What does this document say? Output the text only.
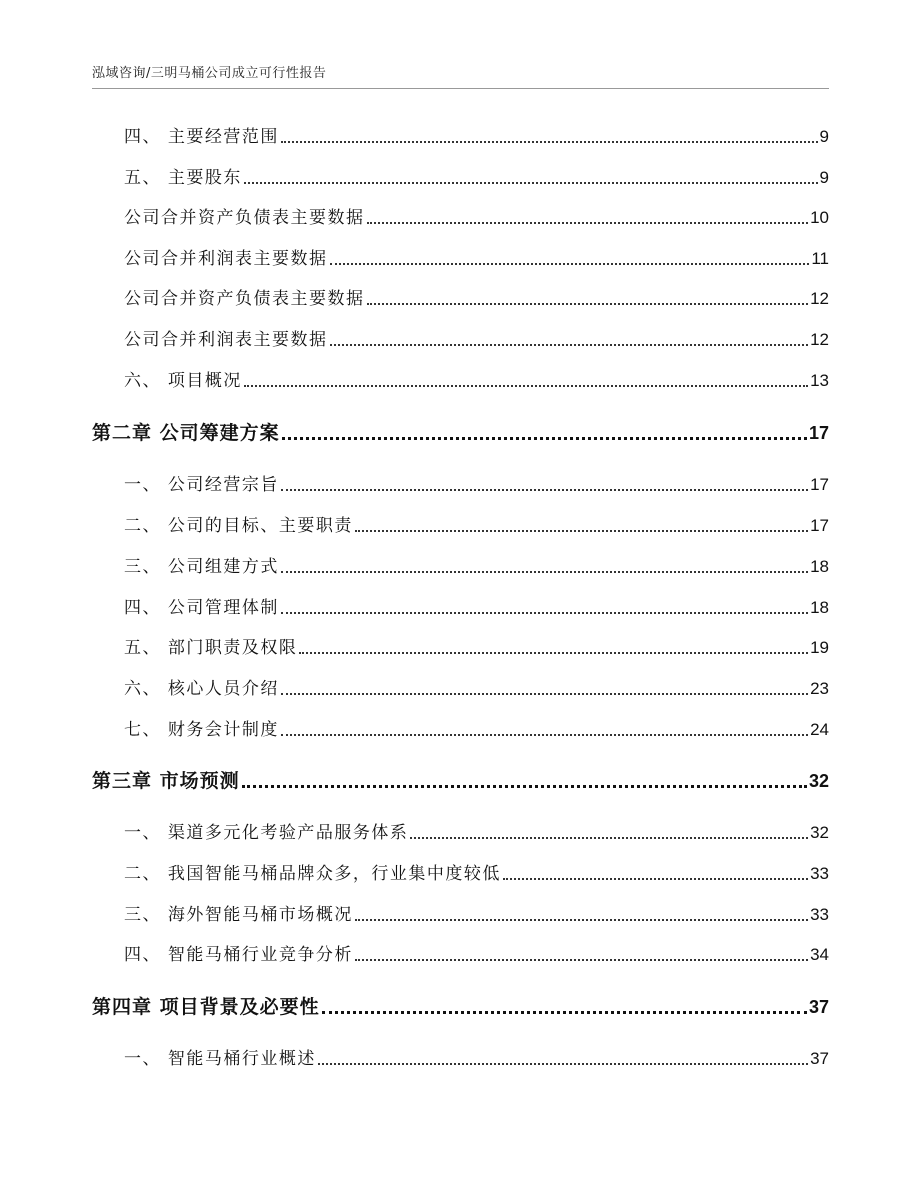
泓域咨询/三明马桶公司成立可行性报告
四、 主要经营范围	9
五、 主要股东	9
公司合并资产负债表主要数据	10
公司合并利润表主要数据	11
公司合并资产负债表主要数据	12
公司合并利润表主要数据	12
六、 项目概况	13
第二章 公司筹建方案	17
一、 公司经营宗旨	17
二、 公司的目标、主要职责	17
三、 公司组建方式	18
四、 公司管理体制	18
五、 部门职责及权限	19
六、 核心人员介绍	23
七、 财务会计制度	24
第三章 市场预测	32
一、 渠道多元化考验产品服务体系	32
二、 我国智能马桶品牌众多，行业集中度较低	33
三、 海外智能马桶市场概况	33
四、 智能马桶行业竞争分析	34
第四章 项目背景及必要性	37
一、 智能马桶行业概述	37
